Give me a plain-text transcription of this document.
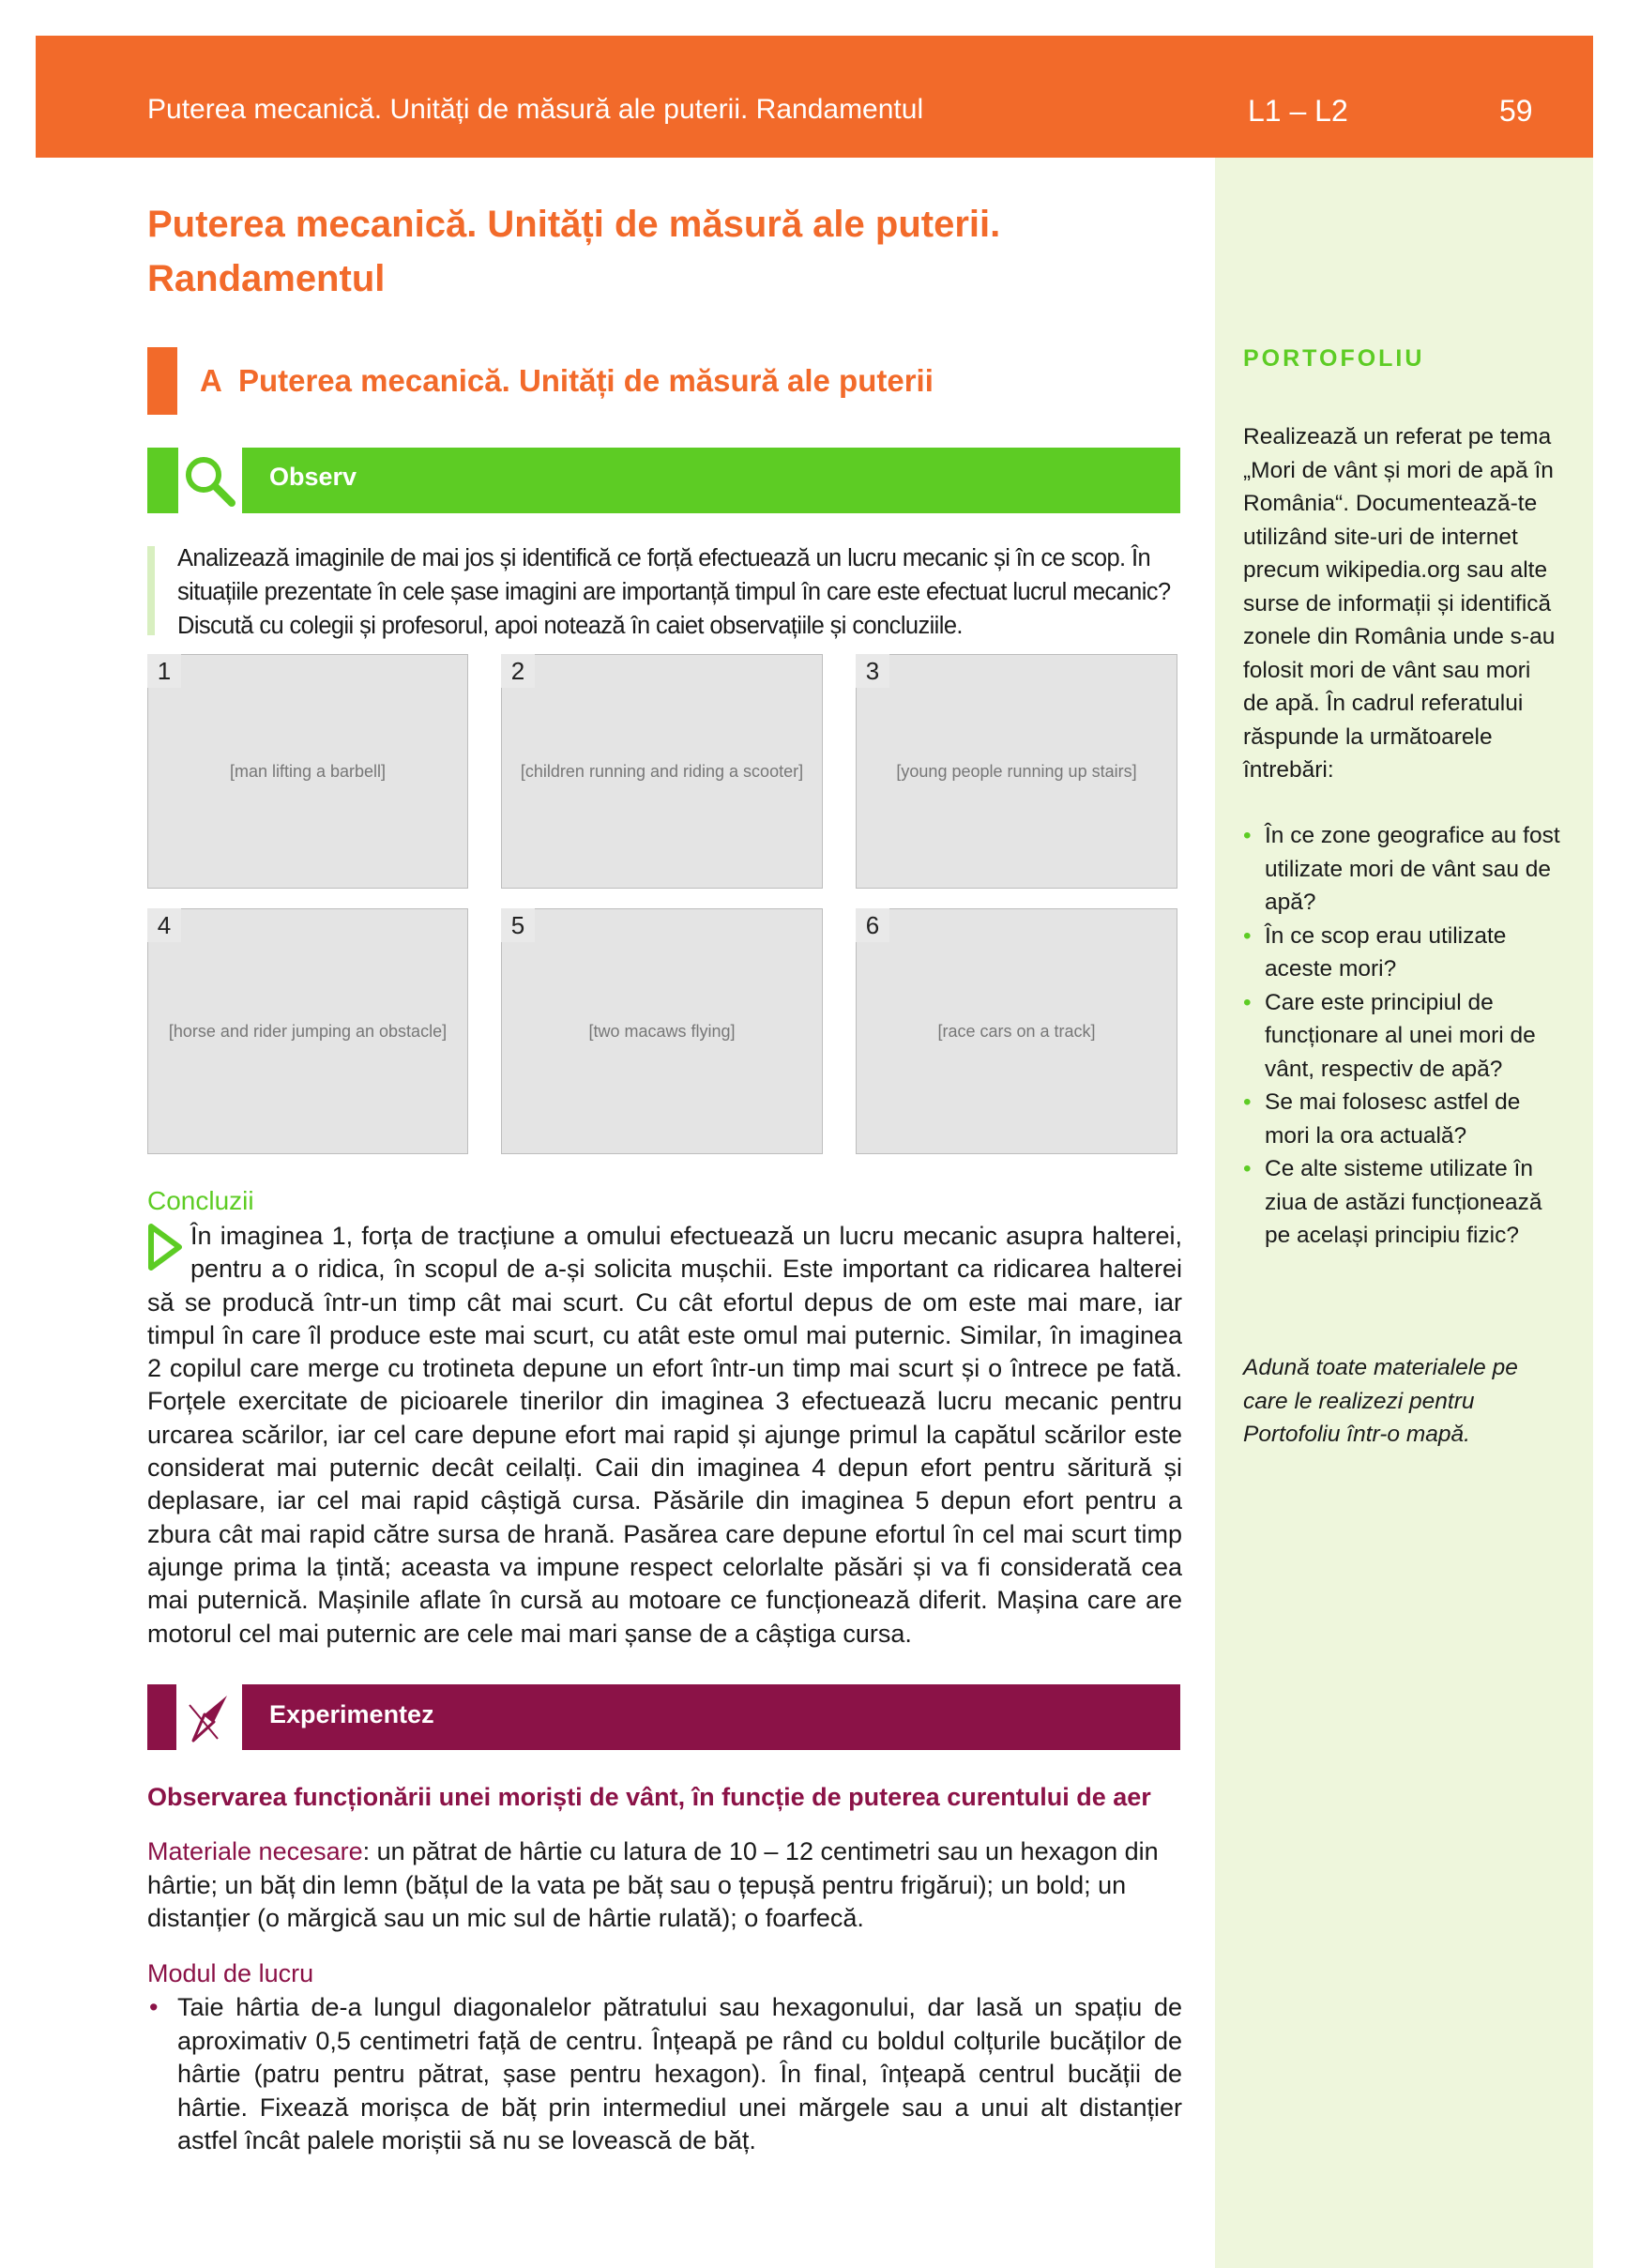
Puterea mecanică. Unități de măsură ale puterii. Randamentul	L1 – L2	59
Puterea mecanică. Unități de măsură ale puterii. Randamentul
A  Puterea mecanică. Unități de măsură ale puterii
Observ
Analizează imaginile de mai jos și identifică ce forță efectuează un lucru mecanic și în ce scop. În situațiile prezentate în cele șase imagini are importanță timpul în care este efectuat lucrul mecanic? Discută cu colegii și profesorul, apoi notează în caiet observațiile și concluziile.
[man lifting a barbell]
1
[children running and riding a scooter]
2
[young people running up stairs]
3
[horse and rider jumping an obstacle]
4
[two macaws flying]
5
[race cars on a track]
6
Concluzii
În imaginea 1, forța de tracțiune a omului efectuează un lucru mecanic asupra halterei, pentru a o ridica, în scopul de a-și solicita mușchii. Este important ca ridicarea halterei să se producă într-un timp cât mai scurt. Cu cât efortul depus de om este mai mare, iar timpul în care îl produce este mai scurt, cu atât este omul mai puternic. Similar, în imaginea 2 copilul care merge cu trotineta depune un efort într-un timp mai scurt și o întrece pe fată. Forțele exercitate de picioarele tinerilor din imaginea 3 efectuează lucru mecanic pentru urcarea scărilor, iar cel care depune efort mai rapid și ajunge primul la capătul scărilor este considerat mai puternic decât ceilalți. Caii din imaginea 4 depun efort pentru săritură și deplasare, iar cel mai rapid câștigă cursa. Păsările din imaginea 5 depun efort pentru a zbura cât mai rapid către sursa de hrană. Pasărea care depune efortul în cel mai scurt timp ajunge prima la țintă; aceasta va impune respect celorlalte păsări și va fi considerată cea mai puternică. Mașinile aflate în cursă au motoare ce funcționează diferit. Mașina care are motorul cel mai puternic are cele mai mari șanse de a câștiga cursa.
Experimentez
Observarea funcționării unei moriști de vânt, în funcție de puterea curentului de aer
Materiale necesare: un pătrat de hârtie cu latura de 10 – 12 centimetri sau un hexagon din hârtie; un băț din lemn (bățul de la vata pe băț sau o țepușă pentru frigărui); un bold; un distanțier (o mărgică sau un mic sul de hârtie rulată); o foarfecă.
Modul de lucru
• Taie hârtia de-a lungul diagonalelor pătratului sau hexagonului, dar lasă un spațiu de aproximativ 0,5 centimetri față de centru. Înțeapă pe rând cu boldul colțurile bucăților de hârtie (patru pentru pătrat, șase pentru hexagon). În final, înțeapă centrul bucății de hârtie. Fixează morișca de băț prin intermediul unei mărgele sau a unui alt distanțier astfel încât palele moriștii să nu se lovească de băț.
PORTOFOLIU
Realizează un referat pe tema „Mori de vânt și mori de apă în România“. Documentează-te utilizând site-uri de internet precum wikipedia.org sau alte surse de informații și identifică zonele din România unde s-au folosit mori de vânt sau mori de apă. În cadrul referatului răspunde la următoarele întrebări:
• În ce zone geografice au fost utilizate mori de vânt sau de apă?
• În ce scop erau utilizate aceste mori?
• Care este principiul de funcționare al unei mori de vânt, respectiv de apă?
• Se mai folosesc astfel de mori la ora actuală?
• Ce alte sisteme utilizate în ziua de astăzi funcționează pe același principiu fizic?
Adună toate materialele pe care le realizezi pentru Portofoliu într-o mapă.
